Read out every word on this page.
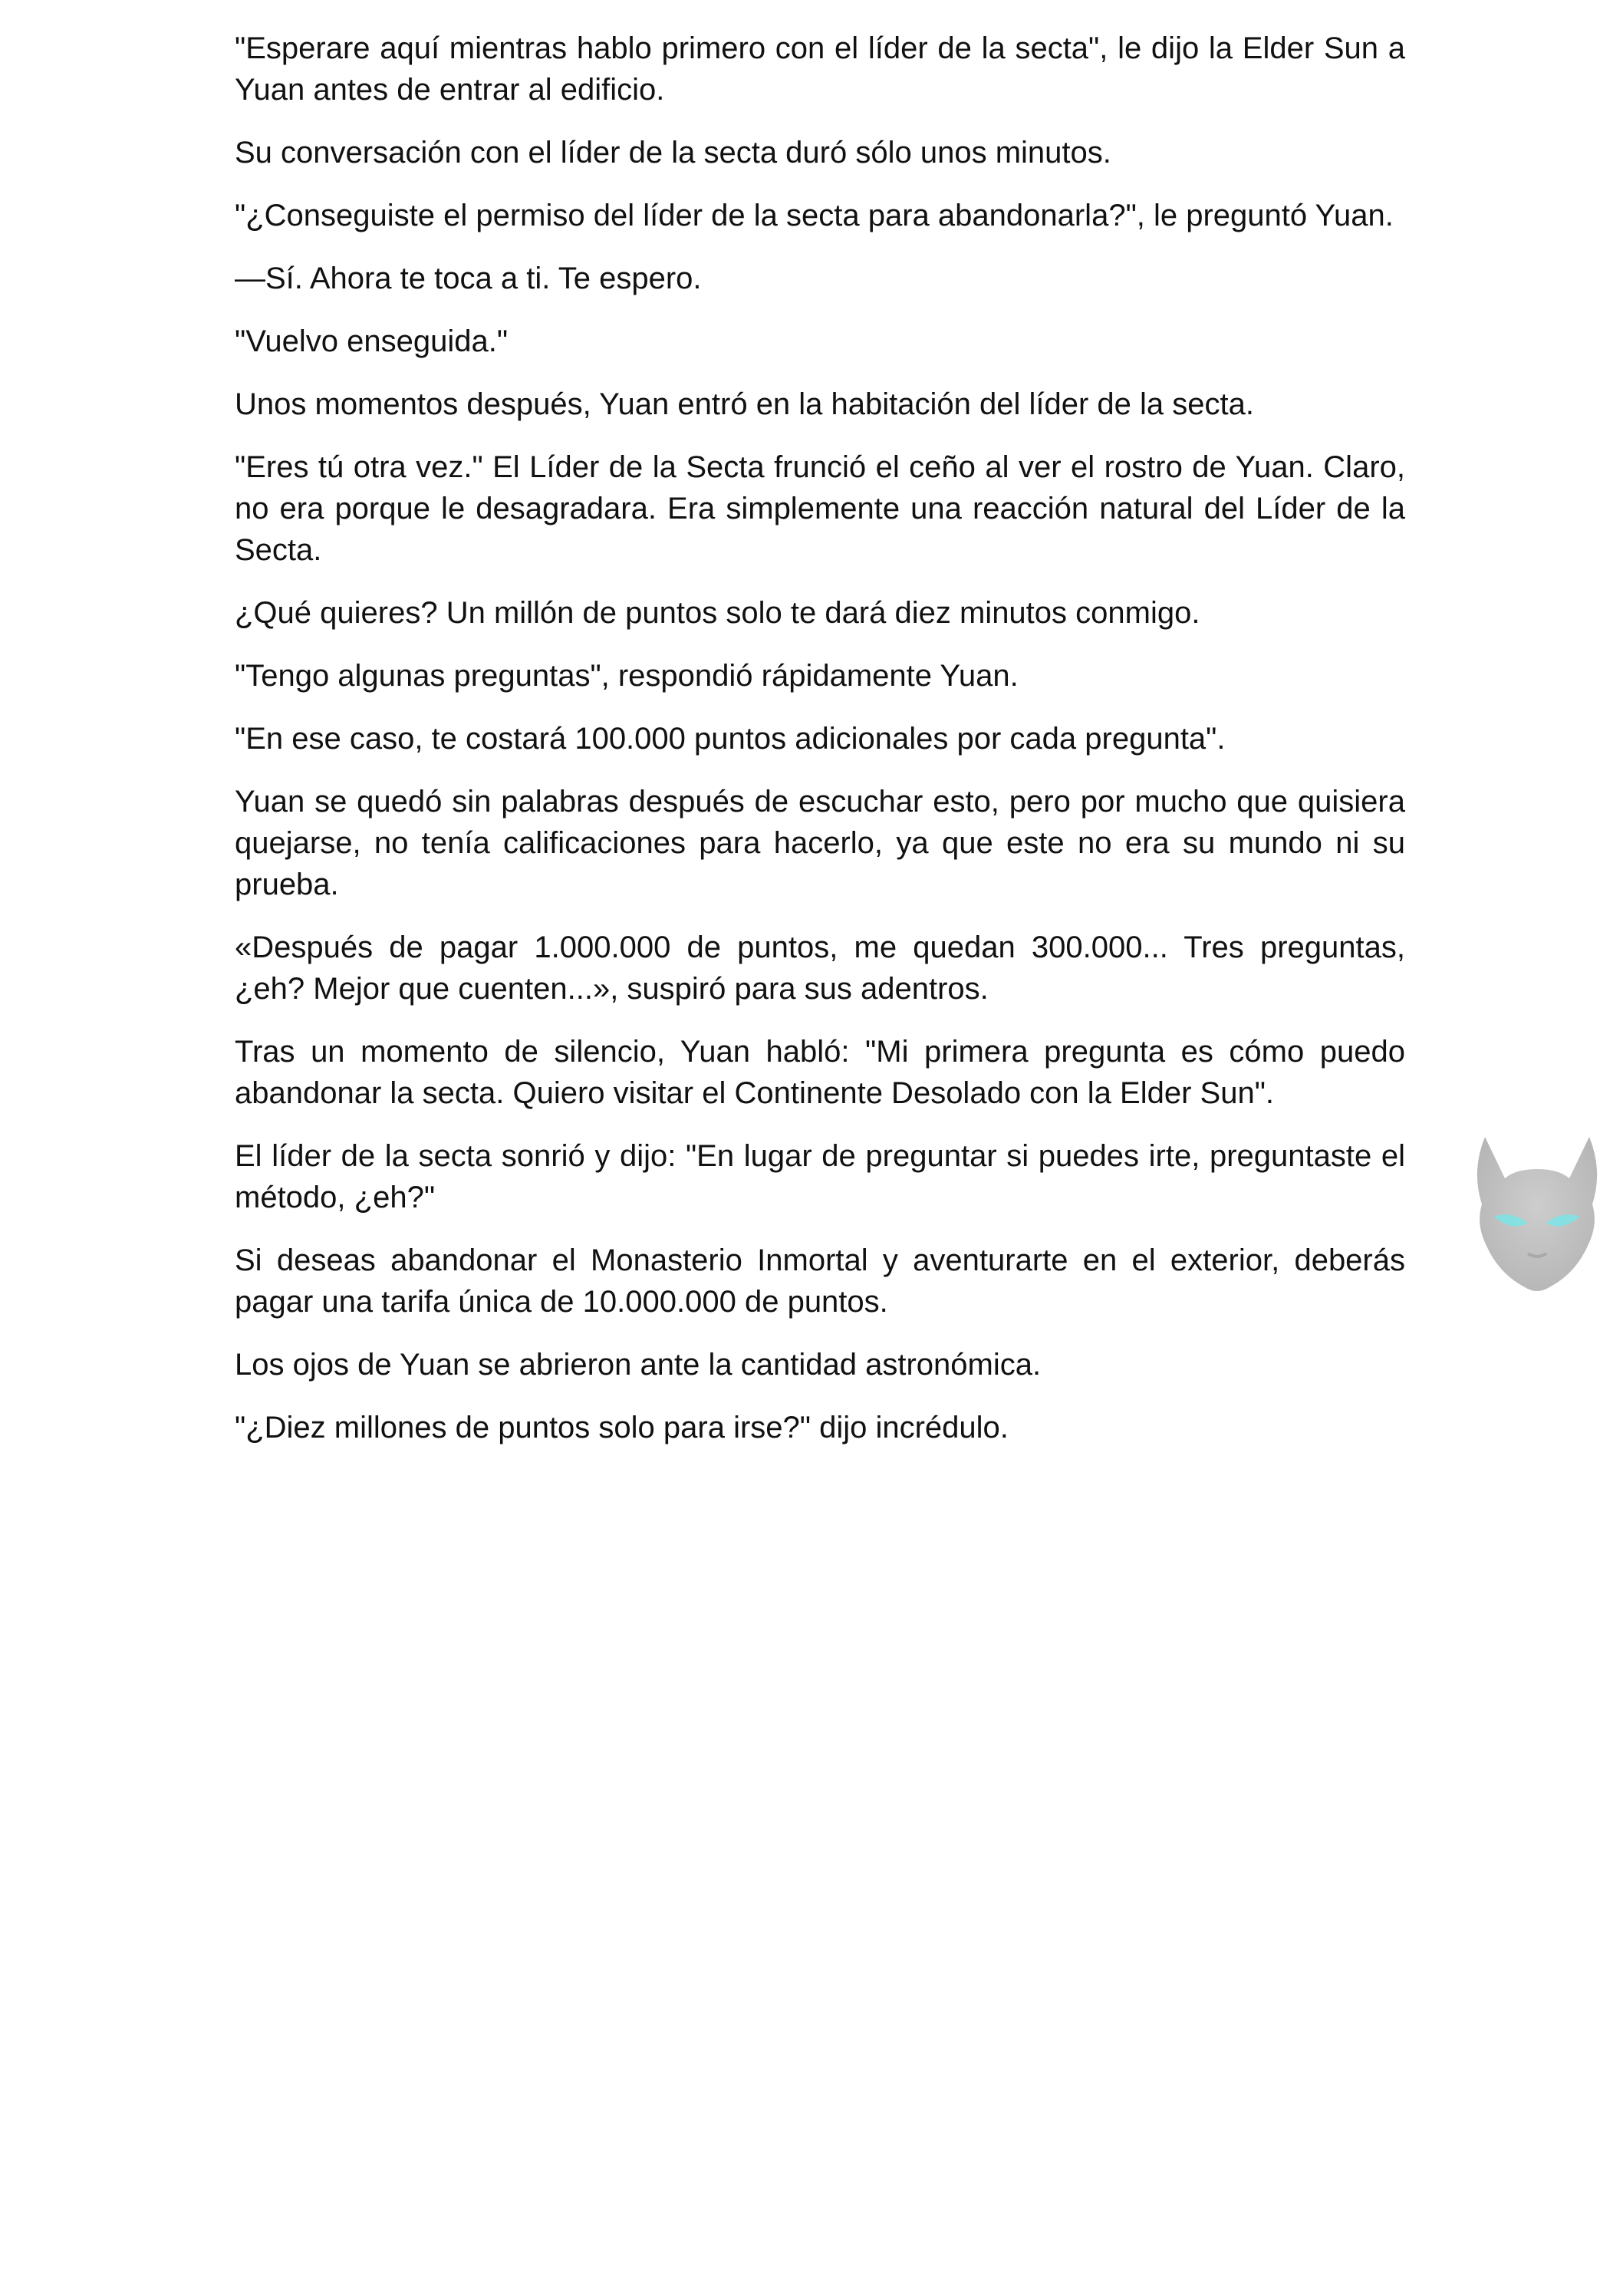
"Esperare aquí mientras hablo primero con el líder de la secta", le dijo la Elder Sun a Yuan antes de entrar al edificio.

Su conversación con el líder de la secta duró sólo unos minutos.

"¿Conseguiste el permiso del líder de la secta para abandonarla?", le preguntó Yuan.

—Sí. Ahora te toca a ti. Te espero.

"Vuelvo enseguida."

Unos momentos después, Yuan entró en la habitación del líder de la secta.

"Eres tú otra vez." El Líder de la Secta frunció el ceño al ver el rostro de Yuan. Claro, no era porque le desagradara. Era simplemente una reacción natural del Líder de la Secta.

¿Qué quieres? Un millón de puntos solo te dará diez minutos conmigo.

"Tengo algunas preguntas", respondió rápidamente Yuan.

"En ese caso, te costará 100.000 puntos adicionales por cada pregunta".

Yuan se quedó sin palabras después de escuchar esto, pero por mucho que quisiera quejarse, no tenía calificaciones para hacerlo, ya que este no era su mundo ni su prueba.

«Después de pagar 1.000.000 de puntos, me quedan 300.000... Tres preguntas, ¿eh? Mejor que cuenten...», suspiró para sus adentros.

Tras un momento de silencio, Yuan habló: "Mi primera pregunta es cómo puedo abandonar la secta. Quiero visitar el Continente Desolado con la Elder Sun".

El líder de la secta sonrió y dijo: "En lugar de preguntar si puedes irte, preguntaste el método, ¿eh?"

Si deseas abandonar el Monasterio Inmortal y aventurarte en el exterior, deberás pagar una tarifa única de 10.000.000 de puntos.

Los ojos de Yuan se abrieron ante la cantidad astronómica.

"¿Diez millones de puntos solo para irse?" dijo incrédulo.
